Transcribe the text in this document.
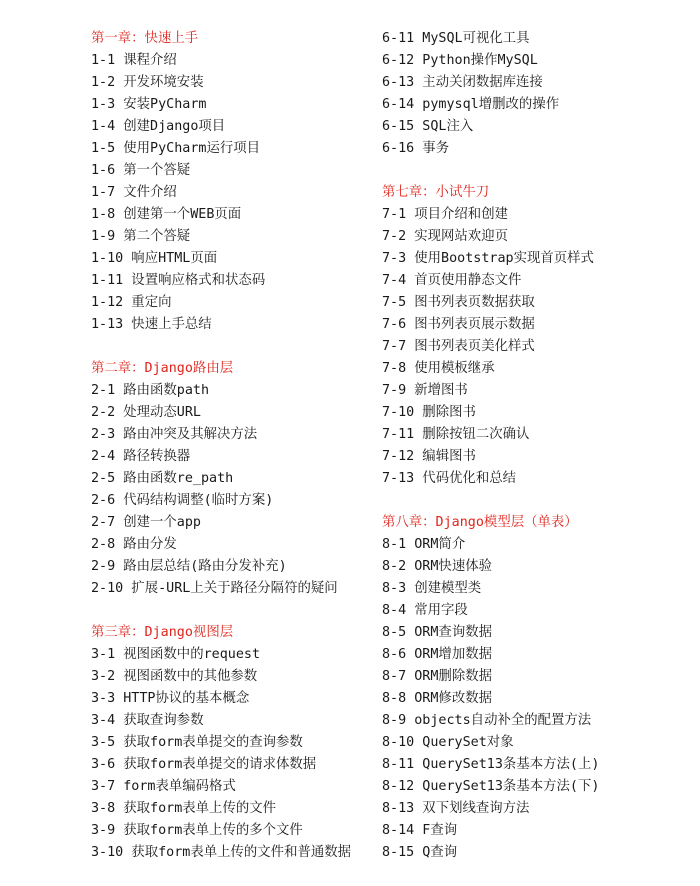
第一章：快速上手
1-1 课程介绍
1-2 开发环境安装
1-3 安装PyCharm
1-4 创建Django项目
1-5 使用PyCharm运行项目
1-6 第一个答疑
1-7 文件介绍
1-8 创建第一个WEB页面
1-9 第二个答疑
1-10 响应HTML页面
1-11 设置响应格式和状态码
1-12 重定向
1-13 快速上手总结
第二章：Django路由层
2-1 路由函数path
2-2 处理动态URL
2-3 路由冲突及其解决方法
2-4 路径转换器
2-5 路由函数re_path
2-6 代码结构调整(临时方案)
2-7 创建一个app
2-8 路由分发
2-9 路由层总结(路由分发补充)
2-10 扩展-URL上关于路径分隔符的疑问
第三章：Django视图层
3-1 视图函数中的request
3-2 视图函数中的其他参数
3-3 HTTP协议的基本概念
3-4 获取查询参数
3-5 获取form表单提交的查询参数
3-6 获取form表单提交的请求体数据
3-7 form表单编码格式
3-8 获取form表单上传的文件
3-9 获取form表单上传的多个文件
3-10 获取form表单上传的文件和普通数据
6-11 MySQL可视化工具
6-12 Python操作MySQL
6-13 主动关闭数据库连接
6-14 pymysql增删改的操作
6-15 SQL注入
6-16 事务
第七章：小试牛刀
7-1 项目介绍和创建
7-2 实现网站欢迎页
7-3 使用Bootstrap实现首页样式
7-4 首页使用静态文件
7-5 图书列表页数据获取
7-6 图书列表页展示数据
7-7 图书列表页美化样式
7-8 使用模板继承
7-9 新增图书
7-10 删除图书
7-11 删除按钮二次确认
7-12 编辑图书
7-13 代码优化和总结
第八章：Django模型层（单表）
8-1 ORM简介
8-2 ORM快速体验
8-3 创建模型类
8-4 常用字段
8-5 ORM查询数据
8-6 ORM增加数据
8-7 ORM删除数据
8-8 ORM修改数据
8-9 objects自动补全的配置方法
8-10 QuerySet对象
8-11 QuerySet13条基本方法(上)
8-12 QuerySet13条基本方法(下)
8-13 双下划线查询方法
8-14 F查询
8-15 Q查询
